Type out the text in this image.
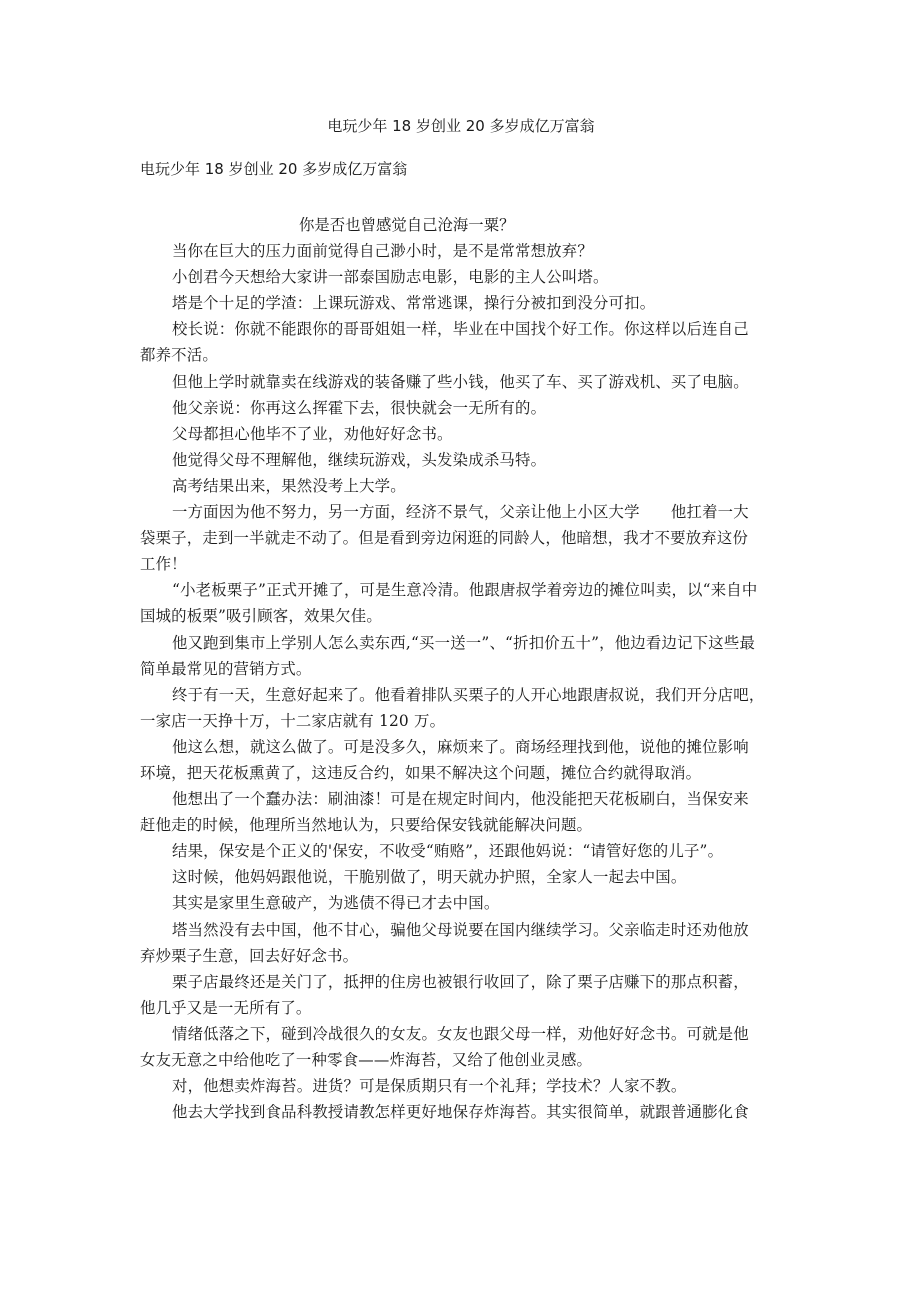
电玩少年 18 岁创业 20 多岁成亿万富翁
电玩少年 18 岁创业 20 多岁成亿万富翁
你是否也曾感觉自己沧海一粟？
当你在巨大的压力面前觉得自己渺小时，是不是常常想放弃？
小创君今天想给大家讲一部泰国励志电影，电影的主人公叫塔。
塔是个十足的学渣：上课玩游戏、常常逃课，操行分被扣到没分可扣。
校长说：你就不能跟你的哥哥姐姐一样，毕业在中国找个好工作。你这样以后连自己
都养不活。
但他上学时就靠卖在线游戏的装备赚了些小钱，他买了车、买了游戏机、买了电脑。
他父亲说：你再这么挥霍下去，很快就会一无所有的。
父母都担心他毕不了业，劝他好好念书。
他觉得父母不理解他，继续玩游戏，头发染成杀马特。
高考结果出来，果然没考上大学。
一方面因为他不努力，另一方面，经济不景气，父亲让他上小区大学　　他扛着一大
袋栗子，走到一半就走不动了。但是看到旁边闲逛的同龄人，他暗想，我才不要放弃这份
工作！
“小老板栗子”正式开摊了，可是生意冷清。他跟唐叔学着旁边的摊位叫卖，以“来自中
国城的板栗”吸引顾客，效果欠佳。
他又跑到集市上学别人怎么卖东西,“买一送一”、“折扣价五十”，他边看边记下这些最
简单最常见的营销方式。
终于有一天，生意好起来了。他看着排队买栗子的人开心地跟唐叔说，我们开分店吧，
一家店一天挣十万，十二家店就有 120 万。
他这么想，就这么做了。可是没多久，麻烦来了。商场经理找到他，说他的摊位影响
环境，把天花板熏黄了，这违反合约，如果不解决这个问题，摊位合约就得取消。
他想出了一个蠢办法：刷油漆！可是在规定时间内，他没能把天花板刷白，当保安来
赶他走的时候，他理所当然地认为，只要给保安钱就能解决问题。
结果，保安是个正义的'保安，不收受“贿赂”，还跟他妈说：“请管好您的儿子”。
这时候，他妈妈跟他说，干脆别做了，明天就办护照，全家人一起去中国。
其实是家里生意破产，为逃债不得已才去中国。
塔当然没有去中国，他不甘心，骗他父母说要在国内继续学习。父亲临走时还劝他放
弃炒栗子生意，回去好好念书。
栗子店最终还是关门了，抵押的住房也被银行收回了，除了栗子店赚下的那点积蓄，
他几乎又是一无所有了。
情绪低落之下，碰到冷战很久的女友。女友也跟父母一样，劝他好好念书。可就是他
女友无意之中给他吃了一种零食——炸海苔，又给了他创业灵感。
对，他想卖炸海苔。进货？可是保质期只有一个礼拜；学技术？人家不教。
他去大学找到食品科教授请教怎样更好地保存炸海苔。其实很简单，就跟普通膨化食
